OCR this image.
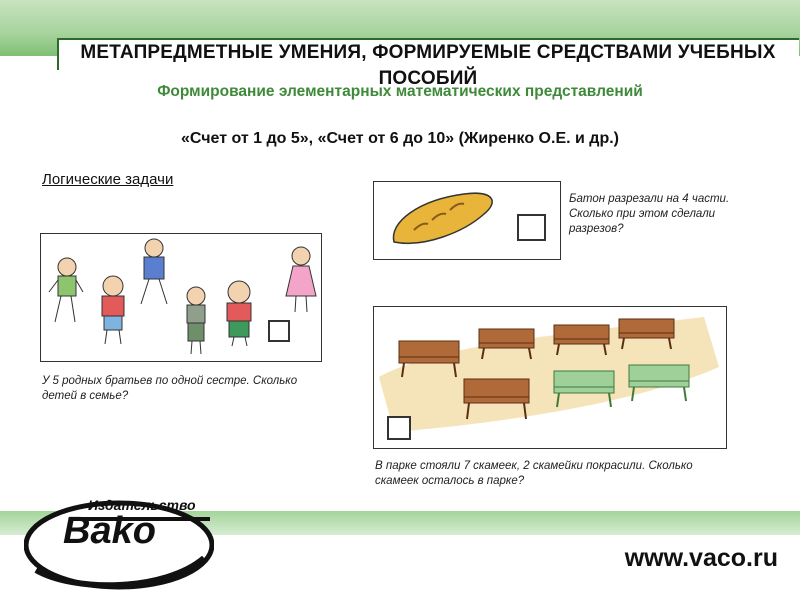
МЕТАПРЕДМЕТНЫЕ УМЕНИЯ, ФОРМИРУЕМЫЕ СРЕДСТВАМИ УЧЕБНЫХ ПОСОБИЙ
Формирование элементарных математических представлений
«Счет от 1 до 5», «Счет от 6 до 10» (Жиренко О.Е. и др.)
Логические задачи
У 5 родных братьев по одной сестре. Сколько детей в семье?
Батон разрезали на 4 части. Сколько при этом сделали разрезов?
В парке стояли 7 скамеек, 2 скамейки покрасили. Сколько скамеек осталось в парке?
Издательство
Bako
www.vaco.ru
